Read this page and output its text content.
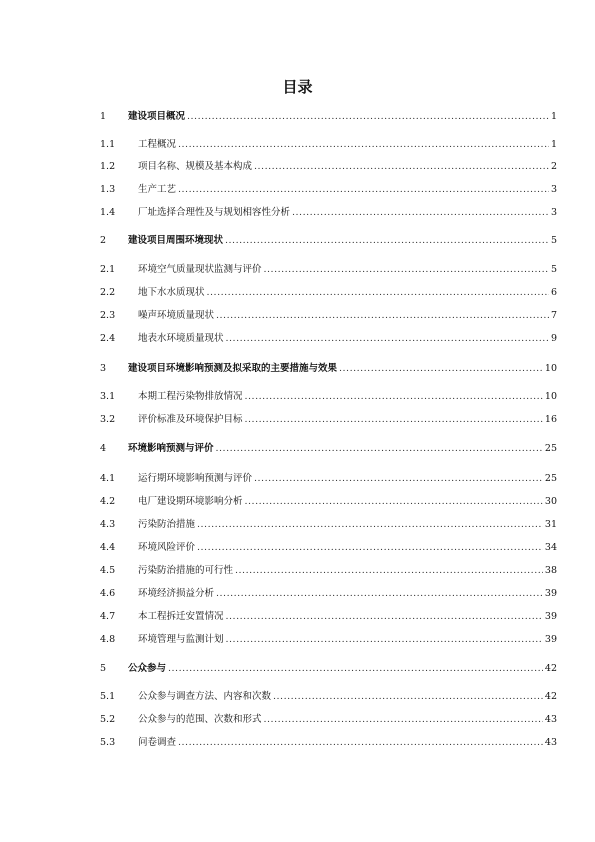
目录
1	建设项目概况 .....	1
1.1	工程概况 .....	1
1.2	项目名称、规模及基本构成 .....	2
1.3	生产工艺 .....	3
1.4	厂址选择合理性及与规划相容性分析 .....	3
2	建设项目周围环境现状 .....	5
2.1	环境空气质量现状监测与评价 .....	5
2.2	地下水水质现状 .....	6
2.3	噪声环境质量现状 .....	7
2.4	地表水环境质量现状 .....	9
3	建设项目环境影响预测及拟采取的主要措施与效果 .....	10
3.1	本期工程污染物排放情况 .....	10
3.2	评价标准及环境保护目标 .....	16
4	环境影响预测与评价 .....	25
4.1	运行期环境影响预测与评价 .....	25
4.2	电厂建设期环境影响分析 .....	30
4.3	污染防治措施 .....	31
4.4	环境风险评价 .....	34
4.5	污染防治措施的可行性 .....	38
4.6	环境经济损益分析 .....	39
4.7	本工程拆迁安置情况 .....	39
4.8	环境管理与监测计划 .....	39
5	公众参与 .....	42
5.1	公众参与调查方法、内容和次数 .....	42
5.2	公众参与的范围、次数和形式 .....	43
5.3	问卷调查 .....	43
